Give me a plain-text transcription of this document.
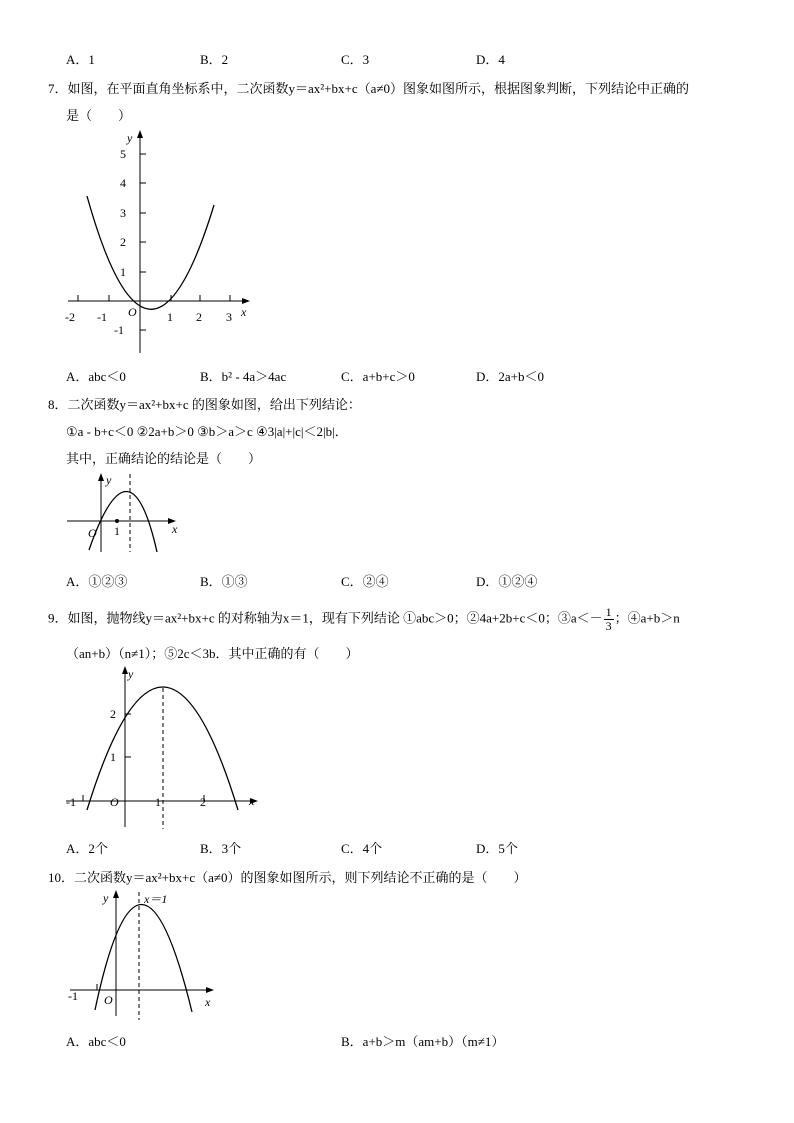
A．1	B．2	C．3	D．4
7．如图，在平面直角坐标系中，二次函数y＝ax²+bx+c（a≠0）图象如图所示，根据图象判断，下列结论中正确的
是（　　）
y
x
O
5
4
3
2
1
-1
-2 -1	1 2 3
A．abc＜0	B．b² - 4a＞4ac	C．a+b+c＞0	D．2a+b＜0
8．二次函数y＝ax²+bx+c 的图象如图，给出下列结论：
①a - b+c＜0 ②2a+b＞0 ③b＞a＞c ④3|a|+|c|＜2|b|．
其中，正确结论的结论是（　　）
y
x
O 1
A．①②③	B．①③	C．②④	D．①②④
9．如图，抛物线y＝ax²+bx+c 的对称轴为x＝1，现有下列结论 ①abc＞0；②4a+2b+c＜0；③a＜－ $\frac{1}{3}$ ；④a+b＞n
（an+b）（n≠1）；⑤2c＜3b．其中正确的有（　　）
y
x
O
2
1
-1	1	2
A．2个	B．3个	C．4个	D．5个
10．二次函数y＝ax²+bx+c（a≠0）的图象如图所示，则下列结论不正确的是（　　）
y
x
O
-1
x＝1
A．abc＜0	B．a+b＞m（am+b）（m≠1）
